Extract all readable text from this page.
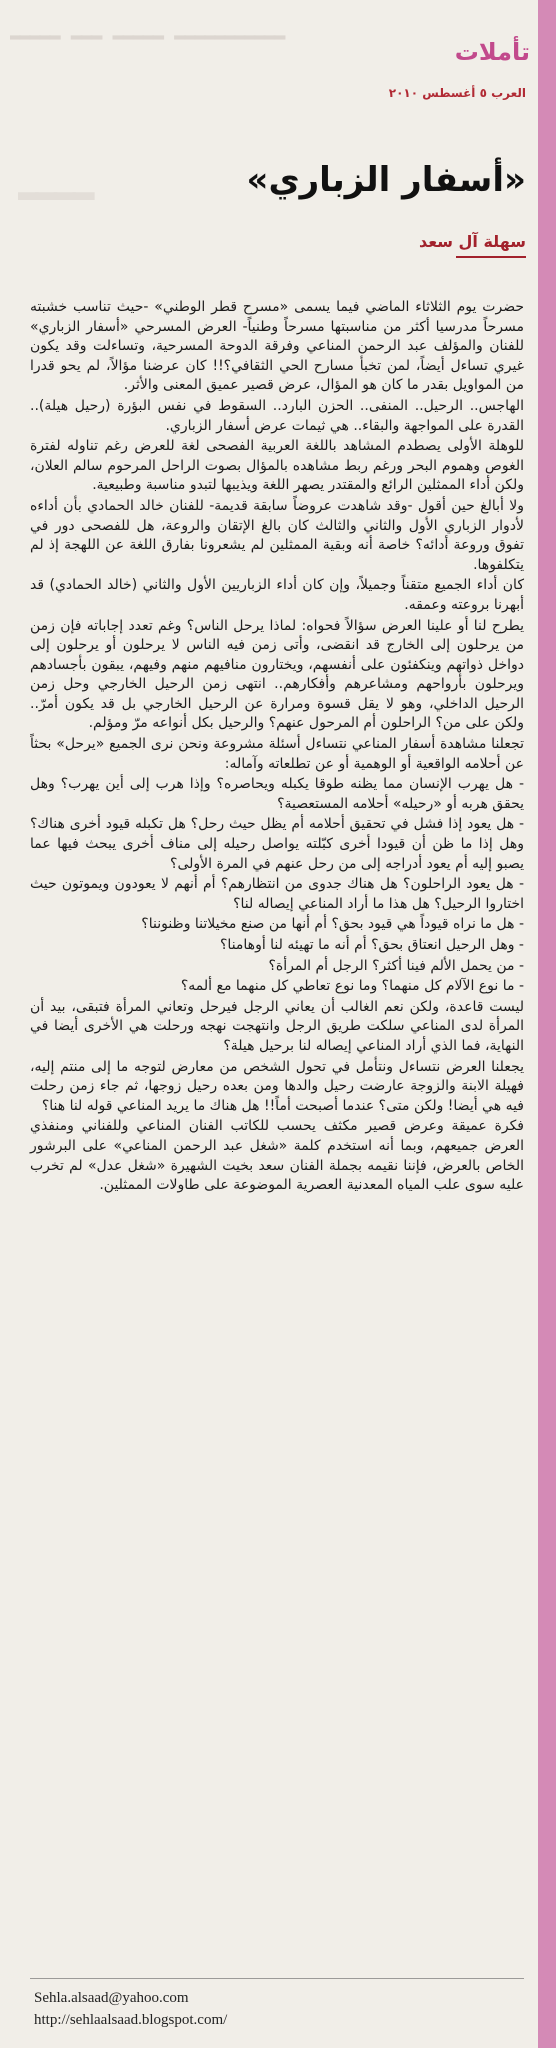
ـــــــــــ ـــــ ـــ ـــــ
ــــ
تأملات
العرب ٥ أغسطس ٢٠١٠
«أسفار الزباري»
سهلة آل سعد

حضرت يوم الثلاثاء الماضي فيما يسمى «مسرح قطر الوطني» -حيث تناسب خشبته مسرحاً مدرسيا أكثر من مناسبتها مسرحاً وطنياً- العرض المسرحي «أسفار الزباري» للفنان والمؤلف عبد الرحمن المناعي وفرقة الدوحة المسرحية، وتساءلت وقد يكون غيري تساءل أيضاً، لمن تخبأ مسارح الحي الثقافي؟!! كان عرضنا مؤالاً، لم يحو قدرا من المواويل بقدر ما كان هو المؤال، عرض قصير عميق المعنى والأثر.

الهاجس.. الرحيل.. المنفى.. الحزن البارد.. السقوط في نفس البؤرة (رحيل هيلة).. القدرة على المواجهة والبقاء.. هي ثيمات عرض أسفار الزباري.

للوهلة الأولى يصطدم المشاهد باللغة العربية الفصحى لغة للعرض رغم تناوله لفترة الغوص وهموم البحر ورغم ربط مشاهده بالمؤال بصوت الراحل المرحوم سالم العلان، ولكن أداء الممثلين الرائع والمقتدر يصهر اللغة ويذيبها لتبدو مناسبة وطبيعية.

ولا أبالغ حين أقول -وقد شاهدت عروضاً سابقة قديمة- للفنان خالد الحمادي بأن أداءه لأدوار الزباري الأول والثاني والثالث كان بالغ الإتقان والروعة، هل للفصحى دور في تفوق وروعة أدائه؟ خاصة أنه وبقية الممثلين لم يشعرونا بفارق اللغة عن اللهجة إذ لم يتكلفوها.

كان أداء الجميع متقناً وجميلاً، وإن كان أداء الزباريين الأول والثاني (خالد الحمادي) قد أبهرنا بروعته وعمقه.

يطرح لنا أو علينا العرض سؤالاً فحواه: لماذا يرحل الناس؟ وغم تعدد إجاباته فإن زمن من يرحلون إلى الخارج قد انقضى، وأتى زمن فيه الناس لا يرحلون أو يرحلون إلى دواخل ذواتهم وينكفئون على أنفسهم، ويختارون منافيهم منهم وفيهم، يبقون بأجسادهم ويرحلون بأرواحهم ومشاعرهم وأفكارهم.. انتهى زمن الرحيل الخارجي وحل زمن الرحيل الداخلي، وهو لا يقل قسوة ومرارة عن الرحيل الخارجي بل قد يكون أمرّ.. ولكن على من؟ الراحلون أم المرحول عنهم؟ والرحيل بكل أنواعه مرّ ومؤلم.

تجعلنا مشاهدة أسفار المناعي نتساءل أسئلة مشروعة ونحن نرى الجميع «يرحل» بحثاً عن أحلامه الواقعية أو الوهمية أو عن تطلعاته وآماله:

- هل يهرب الإنسان مما يظنه طوقا يكبله ويحاصره؟ وإذا هرب إلى أين يهرب؟ وهل يحقق هربه أو «رحيله» أحلامه المستعصية؟

- هل يعود إذا فشل في تحقيق أحلامه أم يظل حيث رحل؟ هل تكبله قيود أخرى هناك؟ وهل إذا ما ظن أن قيودا أخرى كبّلته يواصل رحيله إلى مناف أخرى يبحث فيها عما يصبو إليه أم يعود أدراجه إلى من رحل عنهم في المرة الأولى؟

- هل يعود الراحلون؟ هل هناك جدوى من انتظارهم؟ أم أنهم لا يعودون ويموتون حيث اختاروا الرحيل؟ هل هذا ما أراد المناعي إيصاله لنا؟

- هل ما نراه قيوداً هي قيود بحق؟ أم أنها من صنع مخيلاتنا وظنوننا؟

- وهل الرحيل انعتاق بحق؟ أم أنه ما تهيئه لنا أوهامنا؟

- من يحمل الألم فينا أكثر؟ الرجل أم المرأة؟

- ما نوع الآلام كل منهما؟ وما نوع تعاطي كل منهما مع ألمه؟

ليست قاعدة، ولكن نعم الغالب أن يعاني الرجل فيرحل وتعاني المرأة فتبقى، بيد أن المرأة لدى المناعي سلكت طريق الرجل وانتهجت نهجه ورحلت هي الأخرى أيضا في النهاية، فما الذي أراد المناعي إيصاله لنا برحيل هيلة؟

يجعلنا العرض نتساءل ونتأمل في تحول الشخص من معارض لتوجه ما إلى منتم إليه، فهيلة الابنة والزوجة عارضت رحيل والدها ومن بعده رحيل زوجها، ثم جاء زمن رحلت فيه هي أيضا! ولكن متى؟ عندما أصبحت أماً!! هل هناك ما يريد المناعي قوله لنا هنا؟

فكرة عميقة وعرض قصير مكثف يحسب للكاتب الفنان المناعي وللفناني ومنفذي العرض جميعهم، وبما أنه استخدم كلمة «شغل عبد الرحمن المناعي» على البرشور الخاص بالعرض، فإننا نقيمه بجملة الفنان سعد بخيت الشهيرة «شغل عدل» لم تخرب عليه سوى علب المياه المعدنية العصرية الموضوعة على طاولات الممثلين.

Sehla.alsaad@yahoo.com
http://sehlaalsaad.blogspot.com/
